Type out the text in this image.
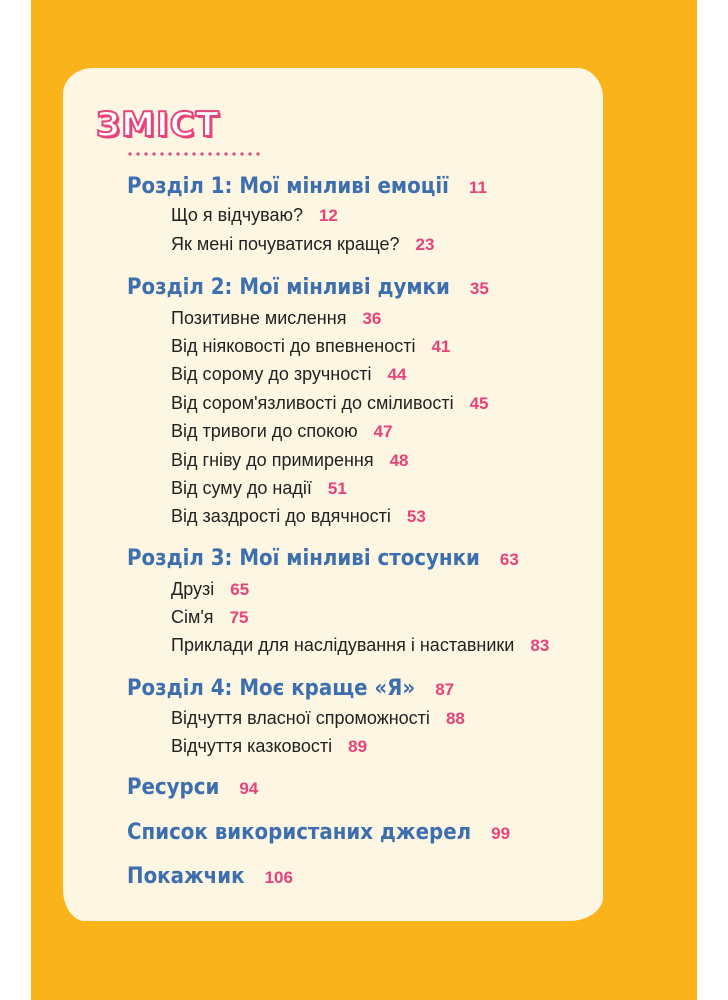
ЗМІСТ
Розділ 1: Мої мінливі емоції 11
Що я відчуваю? 12
Як мені почуватися краще? 23
Розділ 2: Мої мінливі думки 35
Позитивне мислення 36
Від ніяковості до впевненості 41
Від сорому до зручності 44
Від сором'язливості до сміливості 45
Від тривоги до спокою 47
Від гніву до примирення 48
Від суму до надії 51
Від заздрості до вдячності 53
Розділ 3: Мої мінливі стосунки 63
Друзі 65
Сім'я 75
Приклади для наслідування і наставники 83
Розділ 4: Моє краще «Я» 87
Відчуття власної спроможності 88
Відчуття казковості 89
Ресурси 94
Список використаних джерел 99
Покажчик 106
